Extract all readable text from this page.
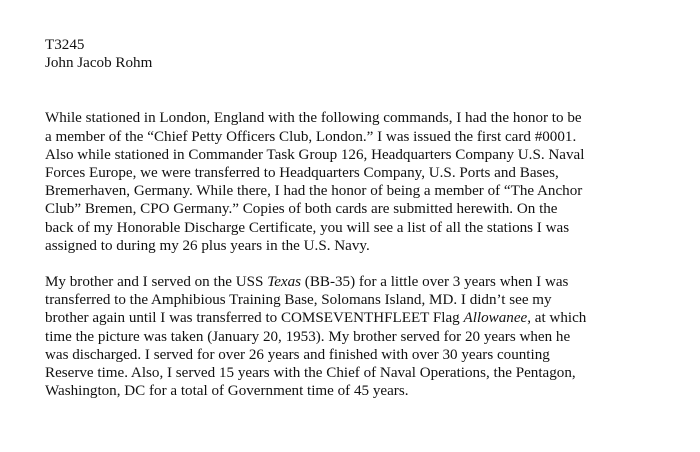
T3245

John Jacob Rohm

While stationed in London, England with the following commands, I had the honor to be
a member of the “Chief Petty Officers Club, London.” I was issued the first card #0001.
Also while stationed in Commander Task Group 126, Headquarters Company U.S. Naval
Forces Europe, we were transferred to Headquarters Company, U.S. Ports and Bases,
Bremerhaven, Germany. While there, I had the honor of being a member of “The Anchor
Club” Bremen, CPO Germany.” Copies of both cards are submitted herewith. On the
back of my Honorable Discharge Certificate, you will see a list of all the stations I was
assigned to during my 26 plus years in the U.S. Navy.

My brother and I served on the USS Texas (BB-35) for a little over 3 years when I was
transferred to the Amphibious Training Base, Solomans Island, MD. I didn’t see my
brother again until I was transferred to COMSEVENTHFLEET Flag Allowanee, at which
time the picture was taken (January 20, 1953). My brother served for 20 years when he
was discharged. I served for over 26 years and finished with over 30 years counting
Reserve time. Also, I served 15 years with the Chief of Naval Operations, the Pentagon,
Washington, DC for a total of Government time of 45 years.
